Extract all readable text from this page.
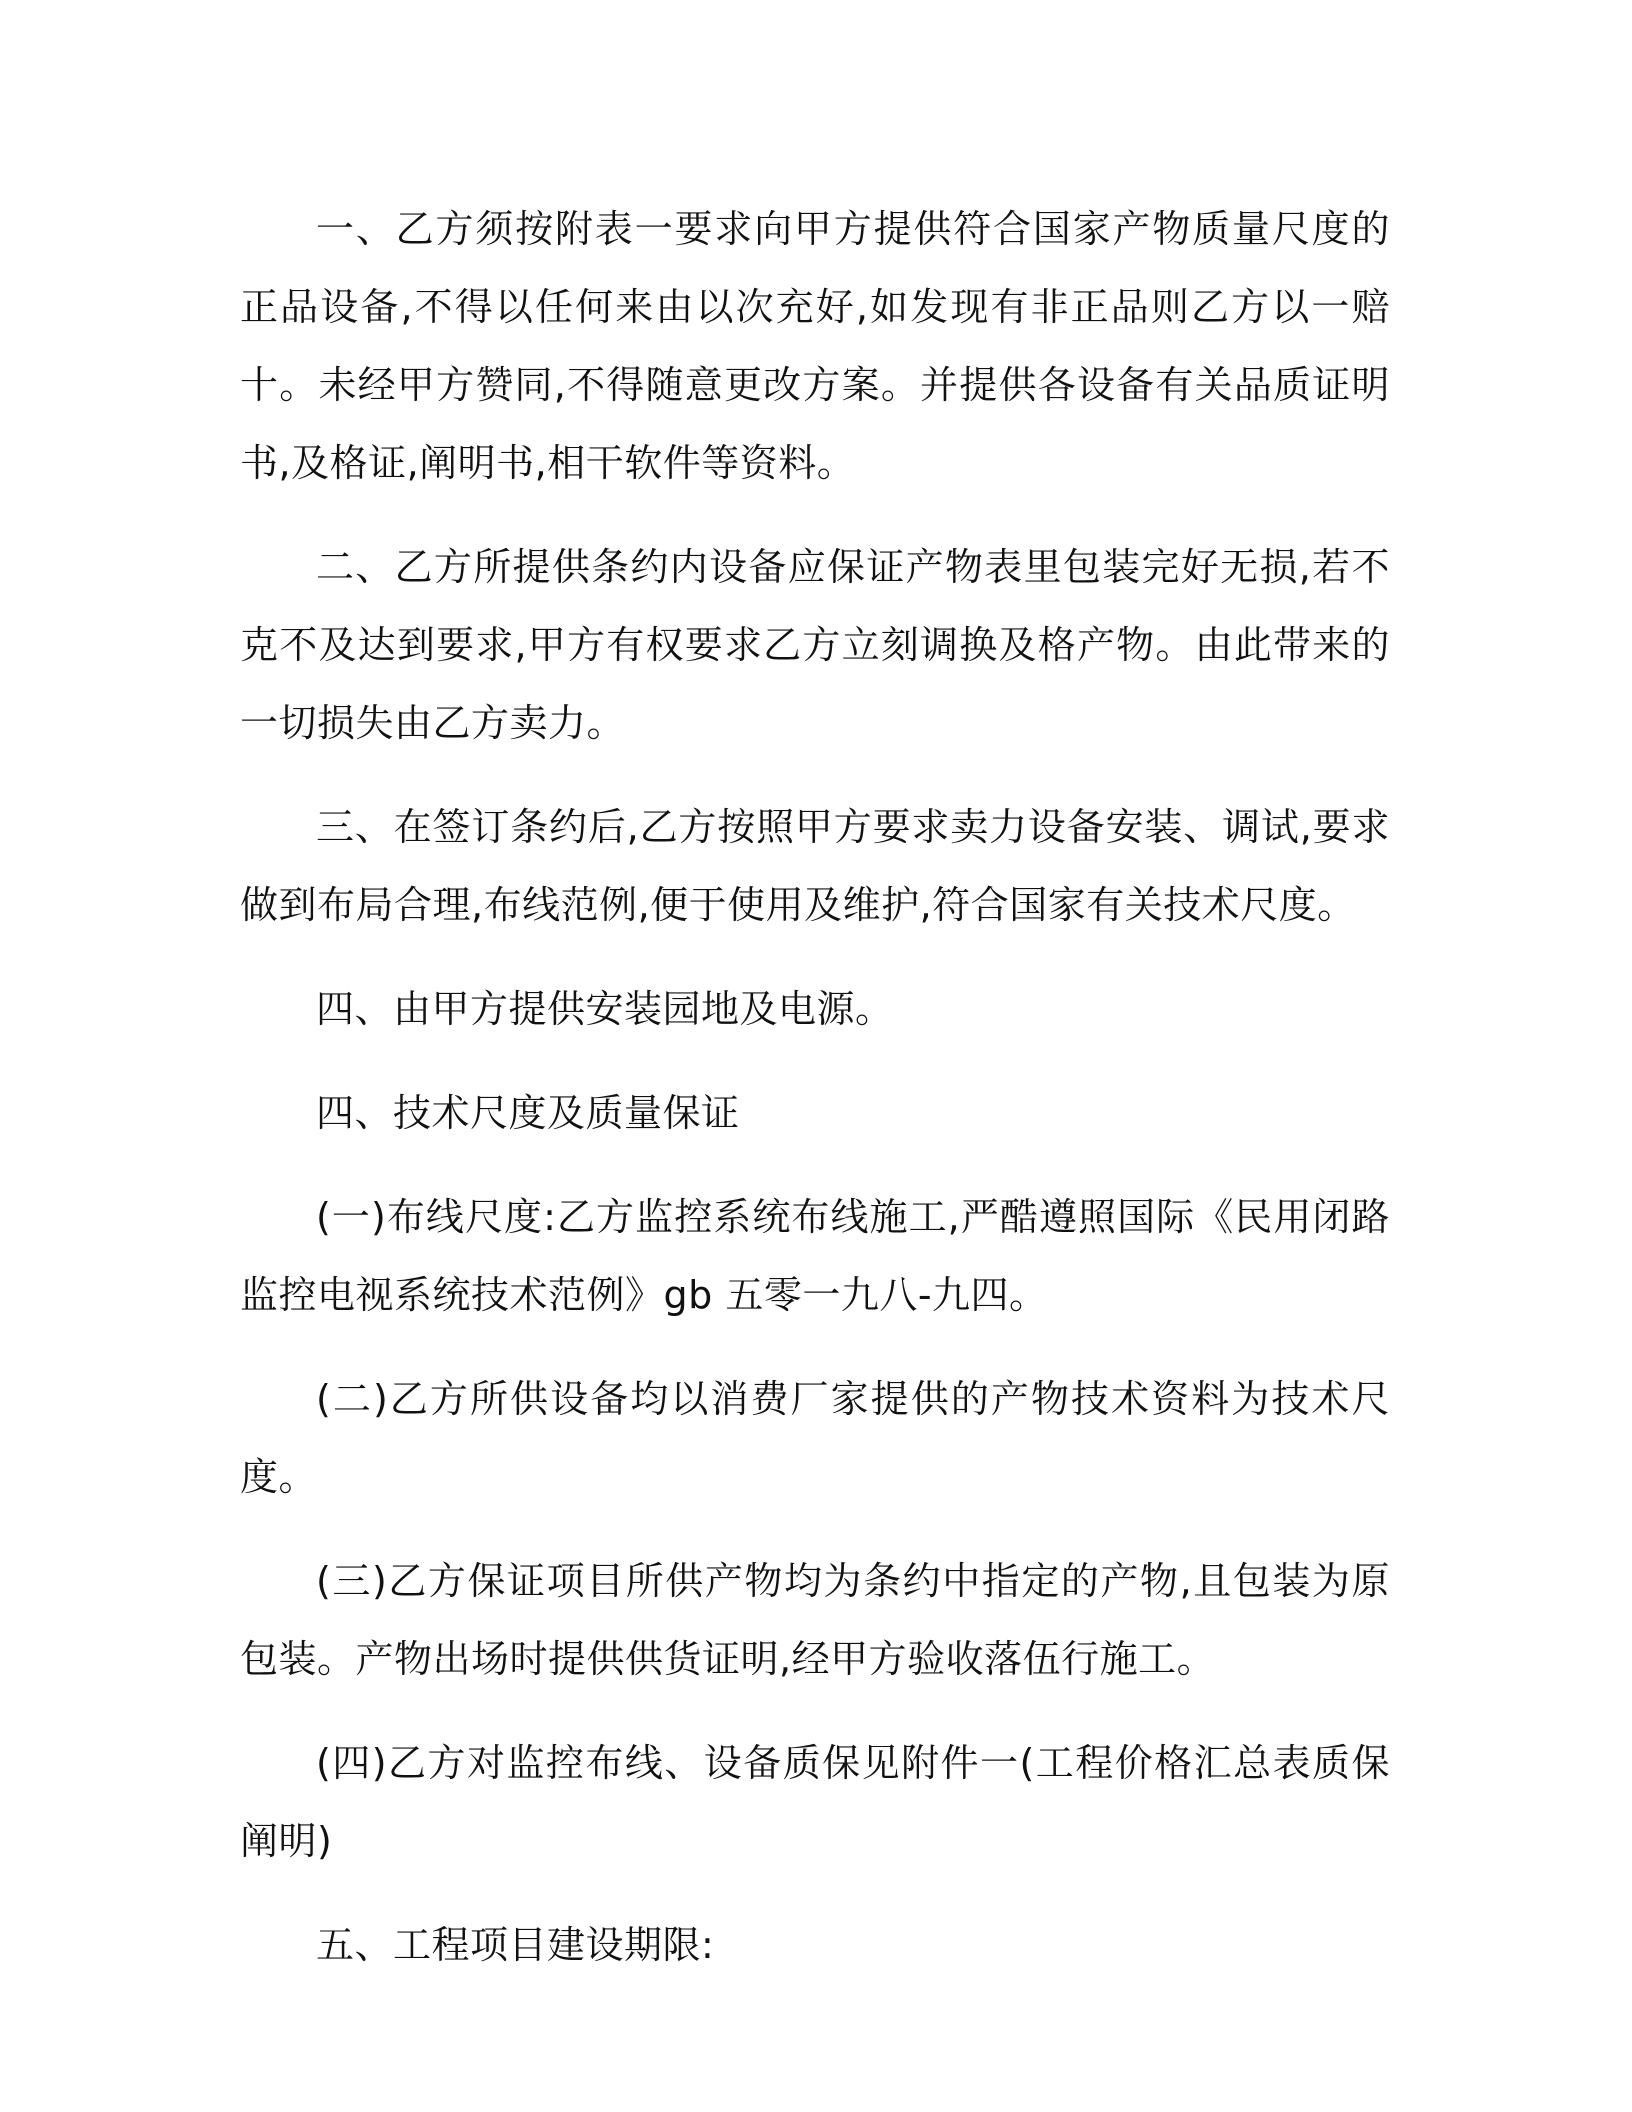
一、乙方须按附表一要求向甲方提供符合国家产物质量尺度的正品设备,不得以任何来由以次充好,如发现有非正品则乙方以一赔十。未经甲方赞同,不得随意更改方案。并提供各设备有关品质证明书,及格证,阐明书,相干软件等资料。

二、乙方所提供条约内设备应保证产物表里包装完好无损,若不克不及达到要求,甲方有权要求乙方立刻调换及格产物。由此带来的一切损失由乙方卖力。

三、在签订条约后,乙方按照甲方要求卖力设备安装、调试,要求做到布局合理,布线范例,便于使用及维护,符合国家有关技术尺度。

四、由甲方提供安装园地及电源。

四、技术尺度及质量保证

(一)布线尺度:乙方监控系统布线施工,严酷遵照国际《民用闭路监控电视系统技术范例》gb 五零一九八-九四。

(二)乙方所供设备均以消费厂家提供的产物技术资料为技术尺度。

(三)乙方保证项目所供产物均为条约中指定的产物,且包装为原包装。产物出场时提供供货证明,经甲方验收落伍行施工。

(四)乙方对监控布线、设备质保见附件一(工程价格汇总表质保阐明)

五、工程项目建设期限:
